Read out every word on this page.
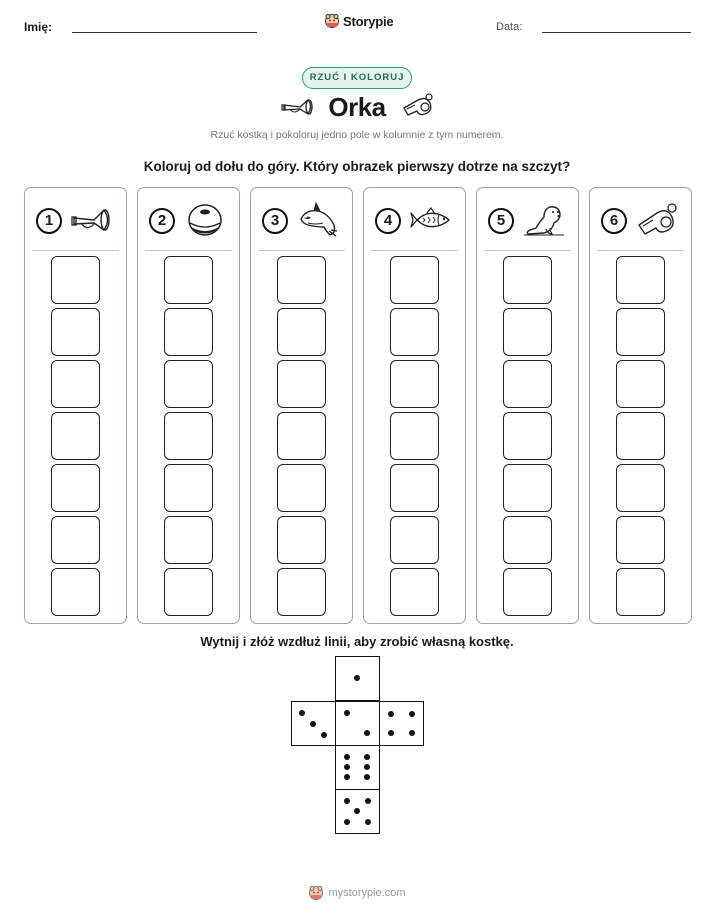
Imię:	Storypie	Data:
RZUĆ I KOLORUJ
Orka
Rzuć kostką i pokoloruj jedno pole w kolumnie z tym numerem.
Koloruj od dołu do góry. Który obrazek pierwszy dotrze na szczyt?
1	2	3	4	5	6
Wytnij i złóż wzdłuż linii, aby zrobić własną kostkę.
mystorypie.com
